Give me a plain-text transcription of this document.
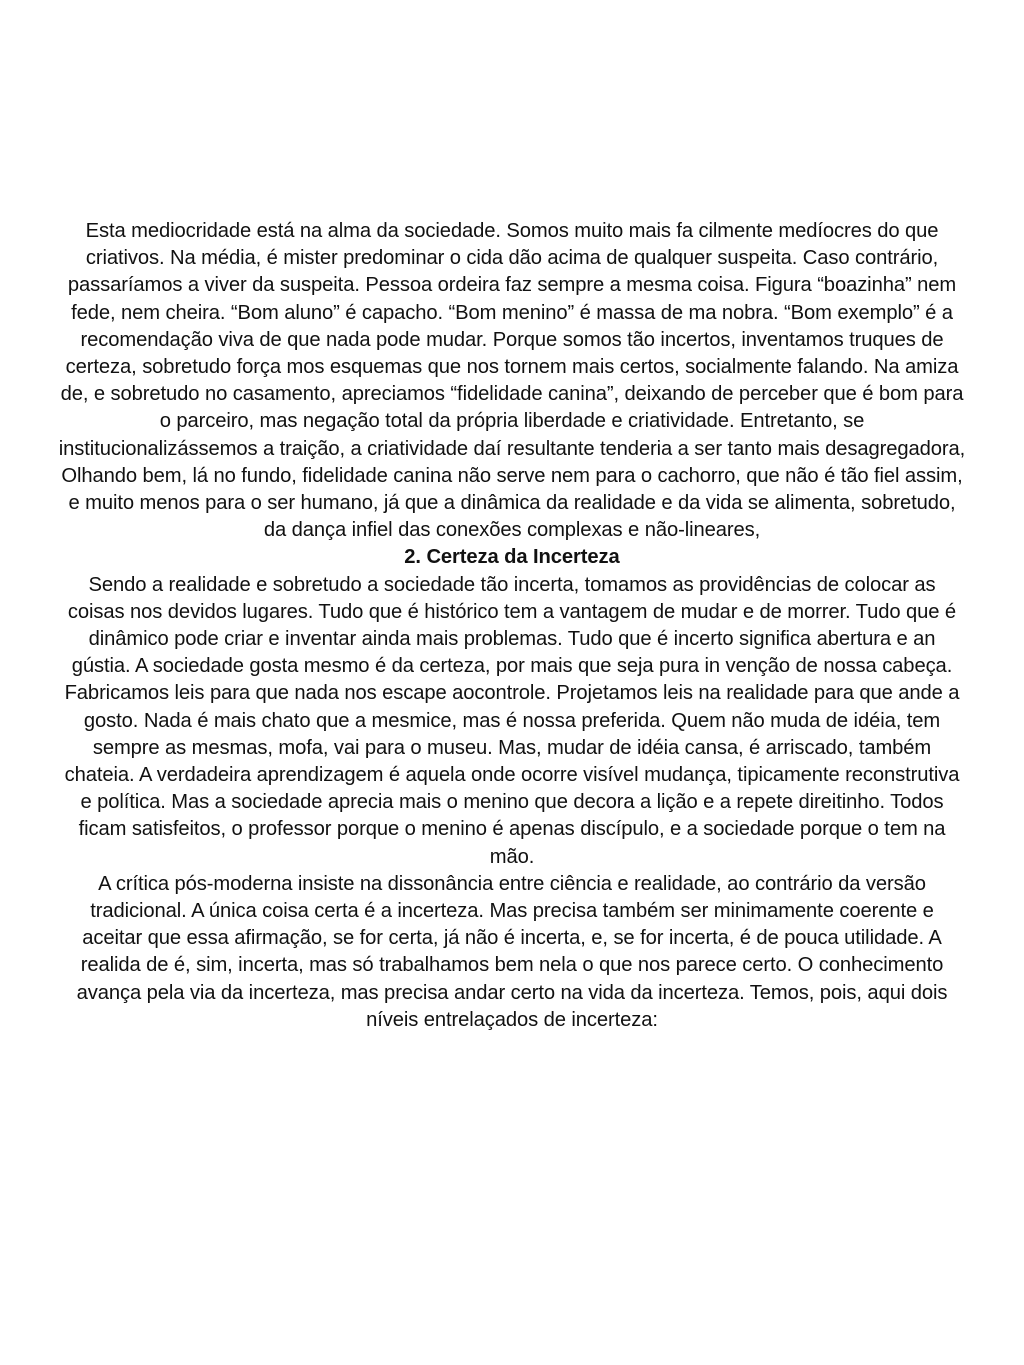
Esta mediocridade está na alma da sociedade. Somos muito mais fa cilmente medíocres do que criativos. Na média, é mister predominar o cida dão acima de qualquer suspeita. Caso contrário, passaríamos a viver da suspeita. Pessoa ordeira faz sempre a mesma coisa. Figura “boazinha” nem fede, nem cheira. “Bom aluno” é capacho. “Bom menino” é massa de ma nobra. “Bom exemplo” é a recomendação viva de que nada pode mudar. Porque somos tão incertos, inventamos truques de certeza, sobretudo força mos esquemas que nos tornem mais certos, socialmente falando. Na amiza de, e sobretudo no casamento, apreciamos “fidelidade canina”, deixando de perceber que é bom para o parceiro, mas negação total da própria liberdade e criatividade. Entretanto, se institucionalizássemos a traição, a criatividade daí resultante tenderia a ser tanto mais desagregadora, Olhando bem, lá no fundo, fidelidade canina não serve nem para o cachorro, que não é tão fiel assim, e muito menos para o ser humano, já que a dinâmica da realidade e da vida se alimenta, sobretudo, da dança infiel das conexões complexas e não-lineares,

2. Certeza da Incerteza

Sendo a realidade e sobretudo a sociedade tão incerta, tomamos as providências de colocar as coisas nos devidos lugares. Tudo que é histórico tem a vantagem de mudar e de morrer. Tudo que é dinâmico pode criar e inventar ainda mais problemas. Tudo que é incerto significa abertura e an gústia. A sociedade gosta mesmo é da certeza, por mais que seja pura in venção de nossa cabeça. Fabricamos leis para que nada nos escape aocontrole. Projetamos leis na realidade para que ande a gosto. Nada é mais chato que a mesmice, mas é nossa preferida. Quem não muda de idéia, tem sempre as mesmas, mofa, vai para o museu. Mas, mudar de idéia cansa, é arriscado, também chateia. A verdadeira aprendizagem é aquela onde ocorre visível mudança, tipicamente reconstrutiva e política. Mas a sociedade aprecia mais o menino que decora a lição e a repete direitinho. Todos ficam satisfeitos, o professor porque o menino é apenas discípulo, e a sociedade porque o tem na mão.

A crítica pós-moderna insiste na dissonância entre ciência e realidade, ao contrário da versão tradicional. A única coisa certa é a incerteza. Mas precisa também ser minimamente coerente e aceitar que essa afirmação, se for certa, já não é incerta, e, se for incerta, é de pouca utilidade. A realida de é, sim, incerta, mas só trabalhamos bem nela o que nos parece certo. O conhecimento avança pela via da incerteza, mas precisa andar certo na vida da incerteza. Temos, pois, aqui dois níveis entrelaçados de incerteza:
